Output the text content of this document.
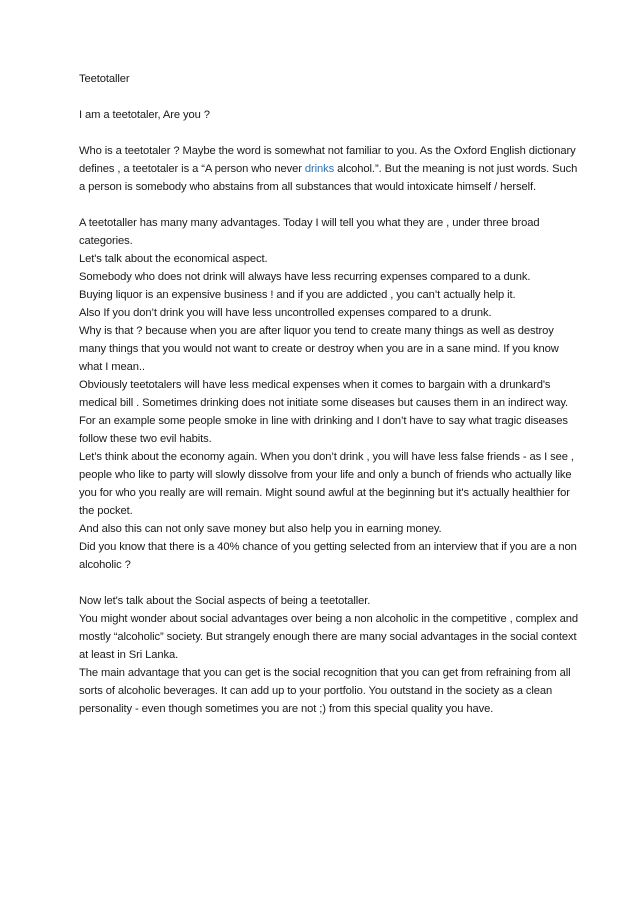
Teetotaller

I am a teetotaler, Are you ?

Who is a teetotaler ? Maybe the word is somewhat not familiar to you. As the Oxford English dictionary defines , a teetotaler is a “A person who never drinks alcohol.”. But the meaning is not just words. Such a person is somebody who abstains from all substances that would intoxicate himself / herself.

A teetotaller has many many advantages. Today I will tell you what they are , under three broad categories.
Let's talk about the economical aspect.
Somebody who does not drink will always have less recurring expenses compared to a dunk.
Buying liquor is an expensive business ! and if you are addicted , you can’t actually help it.
Also If you don’t drink you will have less uncontrolled expenses compared to a drunk.
Why is that ? because when you are after liquor you tend to create many things as well as destroy many things that you would not want to create or destroy when you are in a sane mind. If you know what I mean..
Obviously teetotalers will have less medical expenses when it comes to bargain with a drunkard's medical bill . Sometimes drinking does not initiate some diseases but causes them in an indirect way. For an example some people smoke in line with drinking and I don’t have to say what tragic diseases follow these two evil habits.
Let’s think about the economy again. When you don’t drink , you will have less false friends - as I see , people who like to party will slowly dissolve from your life and only a bunch of friends who actually like you for who you really are will remain. Might sound awful at the beginning but it's actually healthier for the pocket.
And also this can not only save money but also help you in earning money.
Did you know that there is a 40% chance of you getting selected from an interview that if you are a non alcoholic ?
Now let's talk about the Social aspects of being a teetotaller.
You might wonder about social advantages over being a non alcoholic in the competitive , complex and mostly “alcoholic” society. But strangely enough there are many social advantages in the social context at least in Sri Lanka.
The main advantage that you can get is the social recognition that you can get from refraining from all sorts of alcoholic beverages. It can add up to your portfolio. You outstand in the society as a clean personality - even though sometimes you are not ;) from this special quality you have.
